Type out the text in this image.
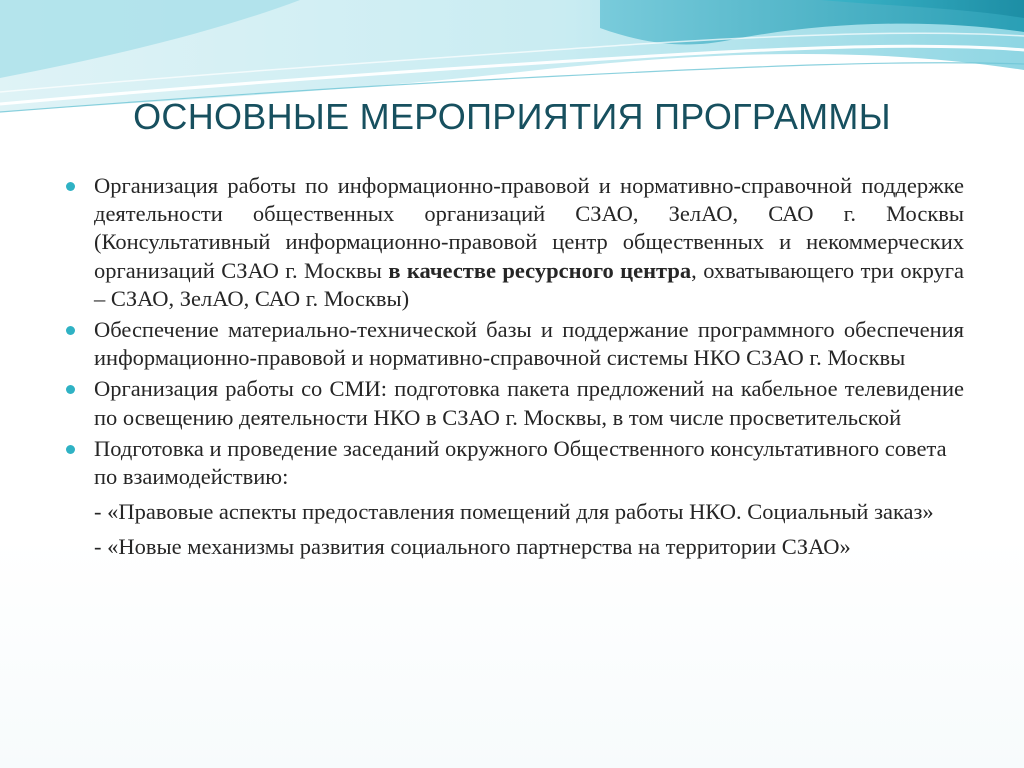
ОСНОВНЫЕ МЕРОПРИЯТИЯ ПРОГРАММЫ
Организация работы по информационно-правовой и нормативно-справочной поддержке деятельности общественных организаций СЗАО, ЗелАО, САО г. Москвы (Консультативный информационно-правовой центр общественных и некоммерческих организаций СЗАО г. Москвы в качестве ресурсного центра, охватывающего три округа – СЗАО, ЗелАО, САО г. Москвы)
Обеспечение материально-технической базы и поддержание программного обеспечения информационно-правовой и нормативно-справочной системы НКО СЗАО г. Москвы
Организация работы со СМИ: подготовка пакета предложений на кабельное телевидение по освещению деятельности НКО в СЗАО г. Москвы, в том числе просветительской
Подготовка и проведение заседаний окружного Общественного консультативного совета по взаимодействию:
- «Правовые аспекты предоставления помещений для работы НКО. Социальный заказ»
- «Новые механизмы развития социального партнерства на территории СЗАО»
